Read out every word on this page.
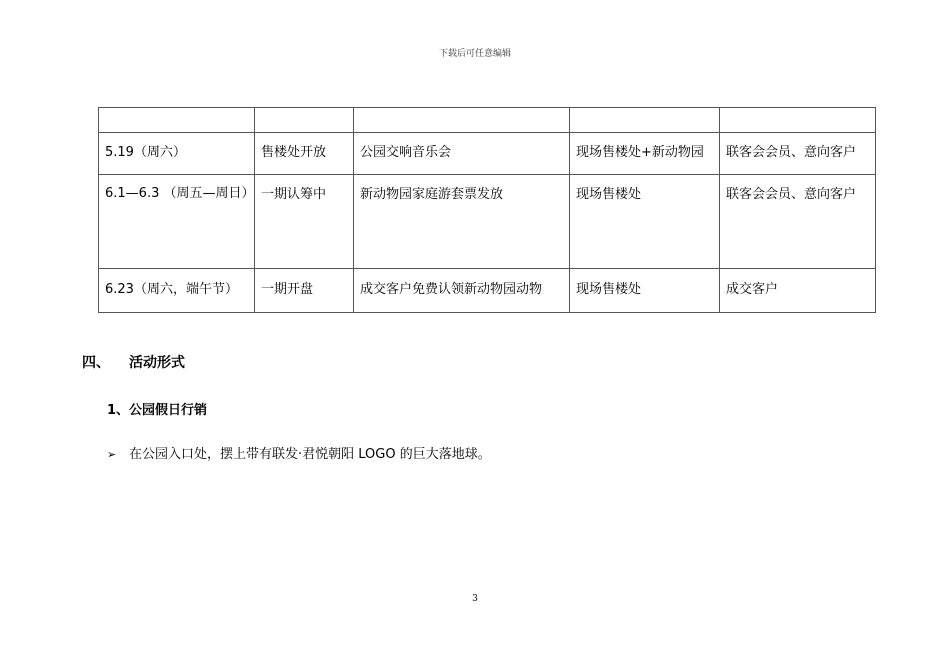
下载后可任意编辑

5.19（周六）	售楼处开放	公园交响音乐会	现场售楼处+新动物园	联客会会员、意向客户

6.1—6.3 （周五—周日）	一期认筹中	新动物园家庭游套票发放	现场售楼处	联客会会员、意向客户
6.23（周六，端午节）	一期开盘	成交客户免费认领新动物园动物	现场售楼处	成交客户
四、 活动形式
1、公园假日行销
➢ 在公园入口处，摆上带有联发·君悦朝阳 LOGO 的巨大落地球。
3
